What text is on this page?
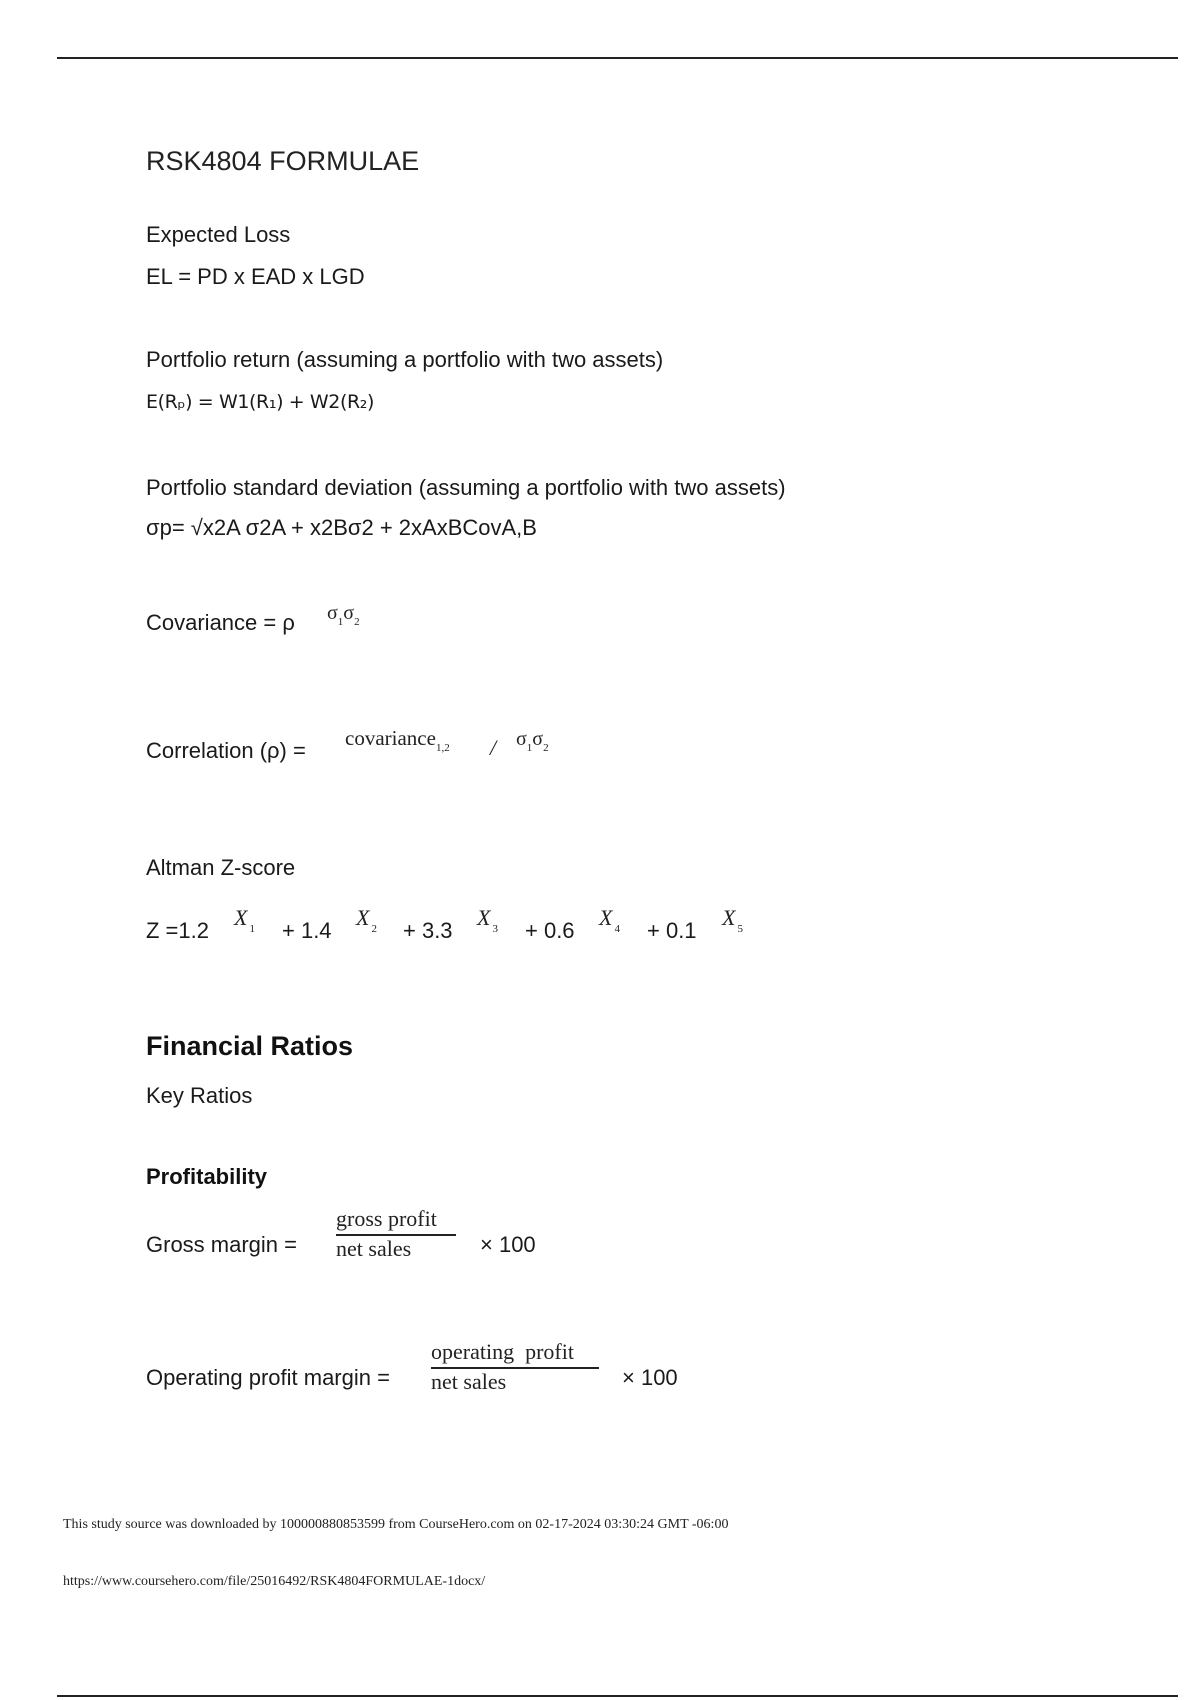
RSK4804 FORMULAE
Expected Loss
EL = PD x EAD x LGD
Portfolio return (assuming a portfolio with two assets)
E(Rₚ) = W1(R₁) + W2(R₂)
Portfolio standard deviation (assuming a portfolio with two assets)
σp= √x2A σ2A + x2Bσ2 + 2xAxBCovA,B
Covariance = ρ $\sigma_1\sigma_2$
Correlation (ρ) = covariance$_{1,2}$ / $\sigma_1\sigma_2$
Altman Z-score
Z =1.2
X $_1$ + 1.4
X $_2$ + 3.3
X $_3$ + 0.6
X $_4$ + 0.1
X $_5$
Financial Ratios
Key Ratios
Profitability
Gross margin =
gross profit
net sales	× 100
Operating profit margin =
operating  profit
net sales	× 100
This study source was downloaded by 100000880853599 from CourseHero.com on 02-17-2024 03:30:24 GMT -06:00
https://www.coursehero.com/file/25016492/RSK4804FORMULAE-1docx/
